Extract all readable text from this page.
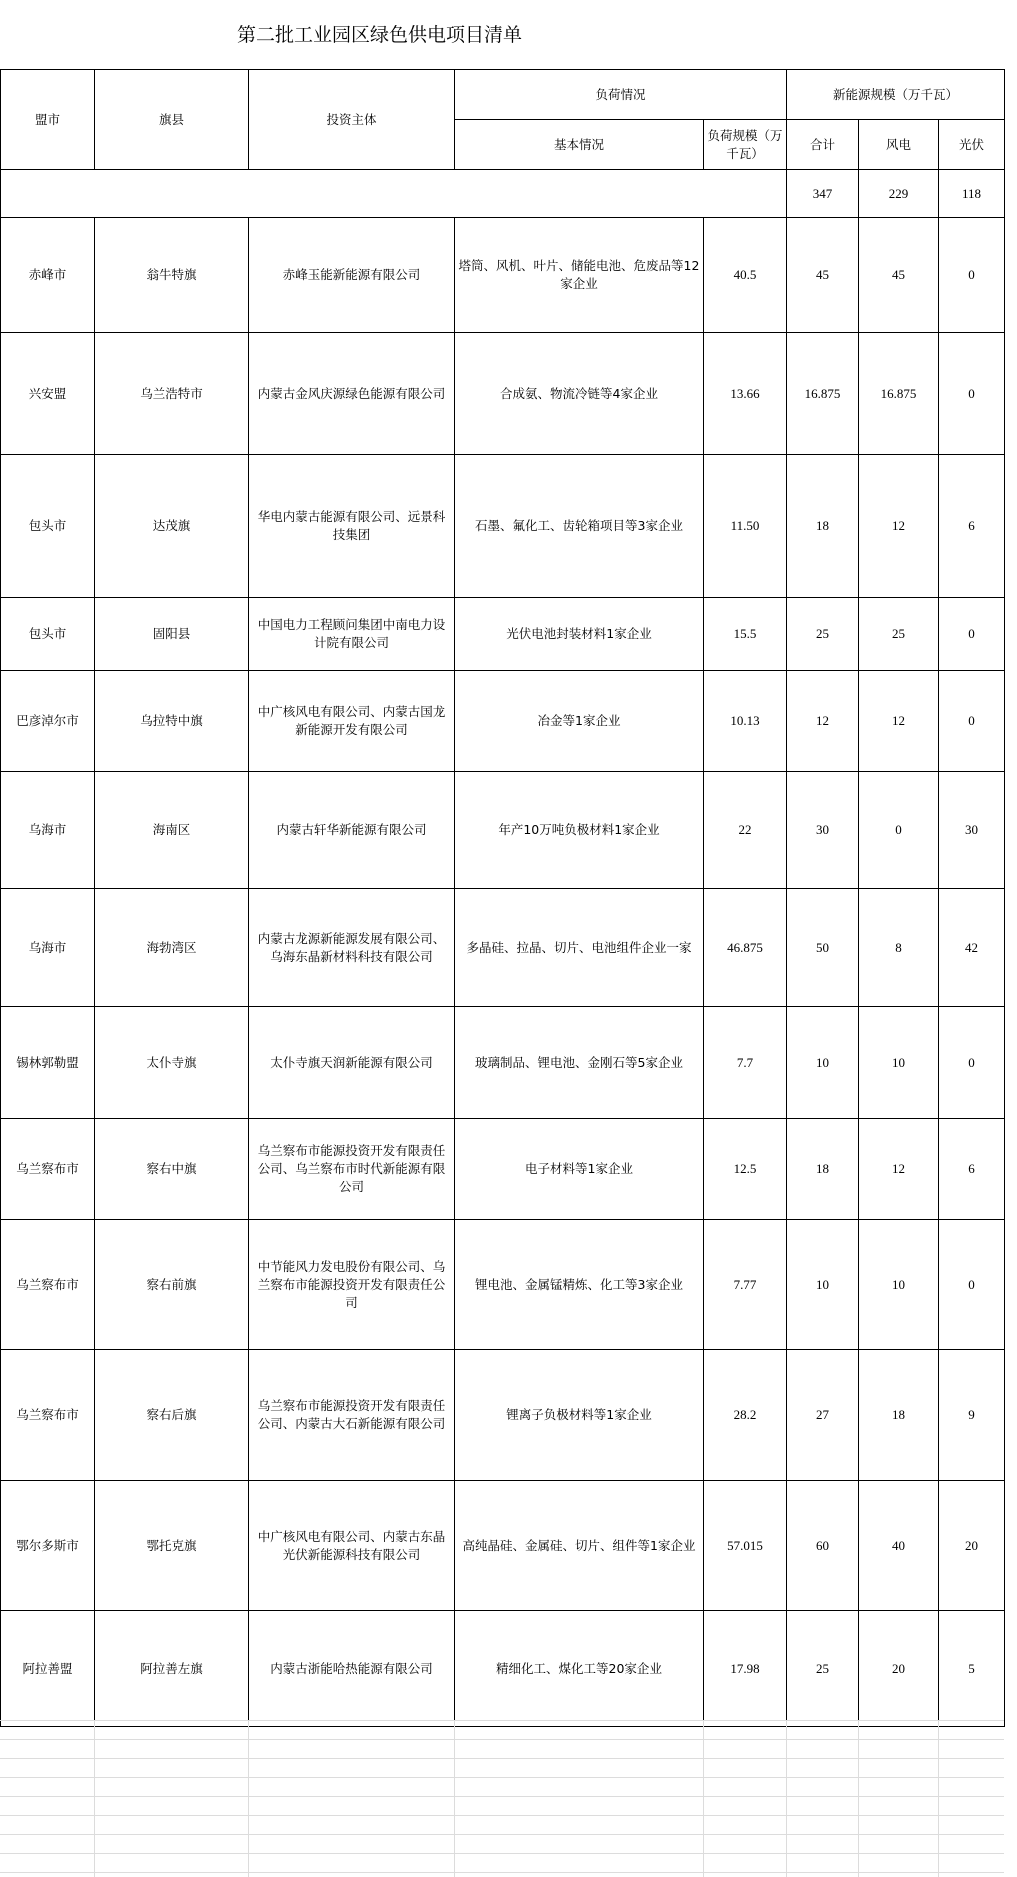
第二批工业园区绿色供电项目清单
盟市	旗县	投资主体	负荷情况		新能源规模（万千瓦）		
			基本情况	负荷规模（万千瓦）	合计	风电	光伏
					347	229	118
赤峰市	翁牛特旗	赤峰玉能新能源有限公司	塔筒、风机、叶片、储能电池、危废品等12家企业	40.5	45	45	0
兴安盟	乌兰浩特市	内蒙古金风庆源绿色能源有限公司	合成氨、物流冷链等4家企业	13.66	16.875	16.875	0
包头市	达茂旗	华电内蒙古能源有限公司、远景科技集团	石墨、氟化工、齿轮箱项目等3家企业	11.50	18	12	6
包头市	固阳县	中国电力工程顾问集团中南电力设计院有限公司	光伏电池封装材料1家企业	15.5	25	25	0
巴彦淖尔市	乌拉特中旗	中广核风电有限公司、内蒙古国龙新能源开发有限公司	冶金等1家企业	10.13	12	12	0
乌海市	海南区	内蒙古轩华新能源有限公司	年产10万吨负极材料1家企业	22	30	0	30
乌海市	海勃湾区	内蒙古龙源新能源发展有限公司、乌海东晶新材料科技有限公司	多晶硅、拉晶、切片、电池组件企业一家	46.875	50	8	42
锡林郭勒盟	太仆寺旗	太仆寺旗天润新能源有限公司	玻璃制品、锂电池、金刚石等5家企业	7.7	10	10	0
乌兰察布市	察右中旗	乌兰察布市能源投资开发有限责任公司、乌兰察布市时代新能源有限公司	电子材料等1家企业	12.5	18	12	6
乌兰察布市	察右前旗	中节能风力发电股份有限公司、乌兰察布市能源投资开发有限责任公司	锂电池、金属锰精炼、化工等3家企业	7.77	10	10	0
乌兰察布市	察右后旗	乌兰察布市能源投资开发有限责任公司、内蒙古大石新能源有限公司	锂离子负极材料等1家企业	28.2	27	18	9
鄂尔多斯市	鄂托克旗	中广核风电有限公司、内蒙古东晶光伏新能源科技有限公司	高纯晶硅、金属硅、切片、组件等1家企业	57.015	60	40	20
阿拉善盟	阿拉善左旗	内蒙古浙能哈热能源有限公司	精细化工、煤化工等20家企业	17.98	25	20	5
